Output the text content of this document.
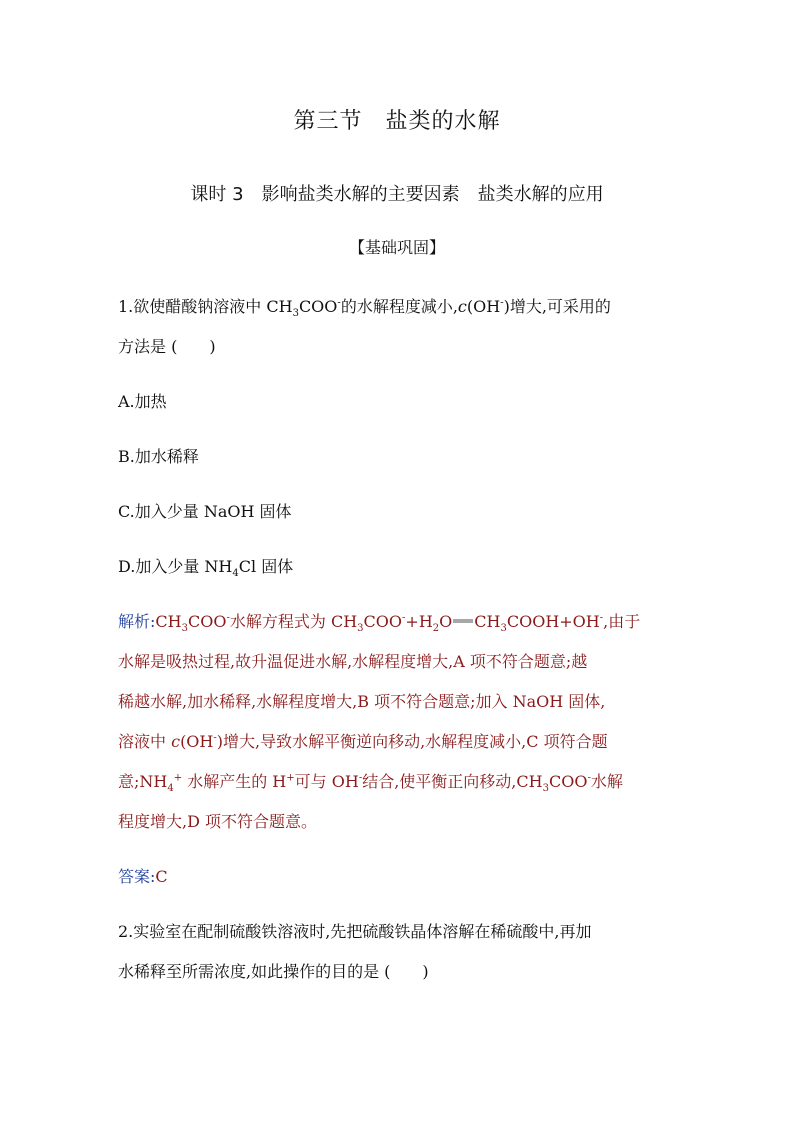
第三节　盐类的水解
课时 3　影响盐类水解的主要因素　盐类水解的应用
【基础巩固】
1.欲使醋酸钠溶液中 $CH_3COO^-$的水解程度减小,c(OH-)增大,可采用的
方法是 (　　)
A.加热
B.加水稀释
C.加入少量 NaOH 固体
D.加入少量 $NH_4Cl$ 固体
解析$:CH_3COO^-$水解方程式为 $CH_3COO^-+H_2O$ $CH_3COOH+OH^-$,由于
水解是吸热过程,故升温促进水解,水解程度增大,A 项不符合题意;越
稀越水解,加水稀释,水解程度增大,B 项不符合题意;加入 NaOH 固体,
溶液中 c(OH-)增大,导致水解平衡逆向移动,水解程度减小,C 项符合题
意$;NH_4^+$ 水解产生的 H+可与 OH-结合,使平衡正向移动$,CH_3COO^-$水解
程度增大,D 项不符合题意。
答案:C
2.实验室在配制硫酸铁溶液时,先把硫酸铁晶体溶解在稀硫酸中,再加
水稀释至所需浓度,如此操作的目的是 (　　)
